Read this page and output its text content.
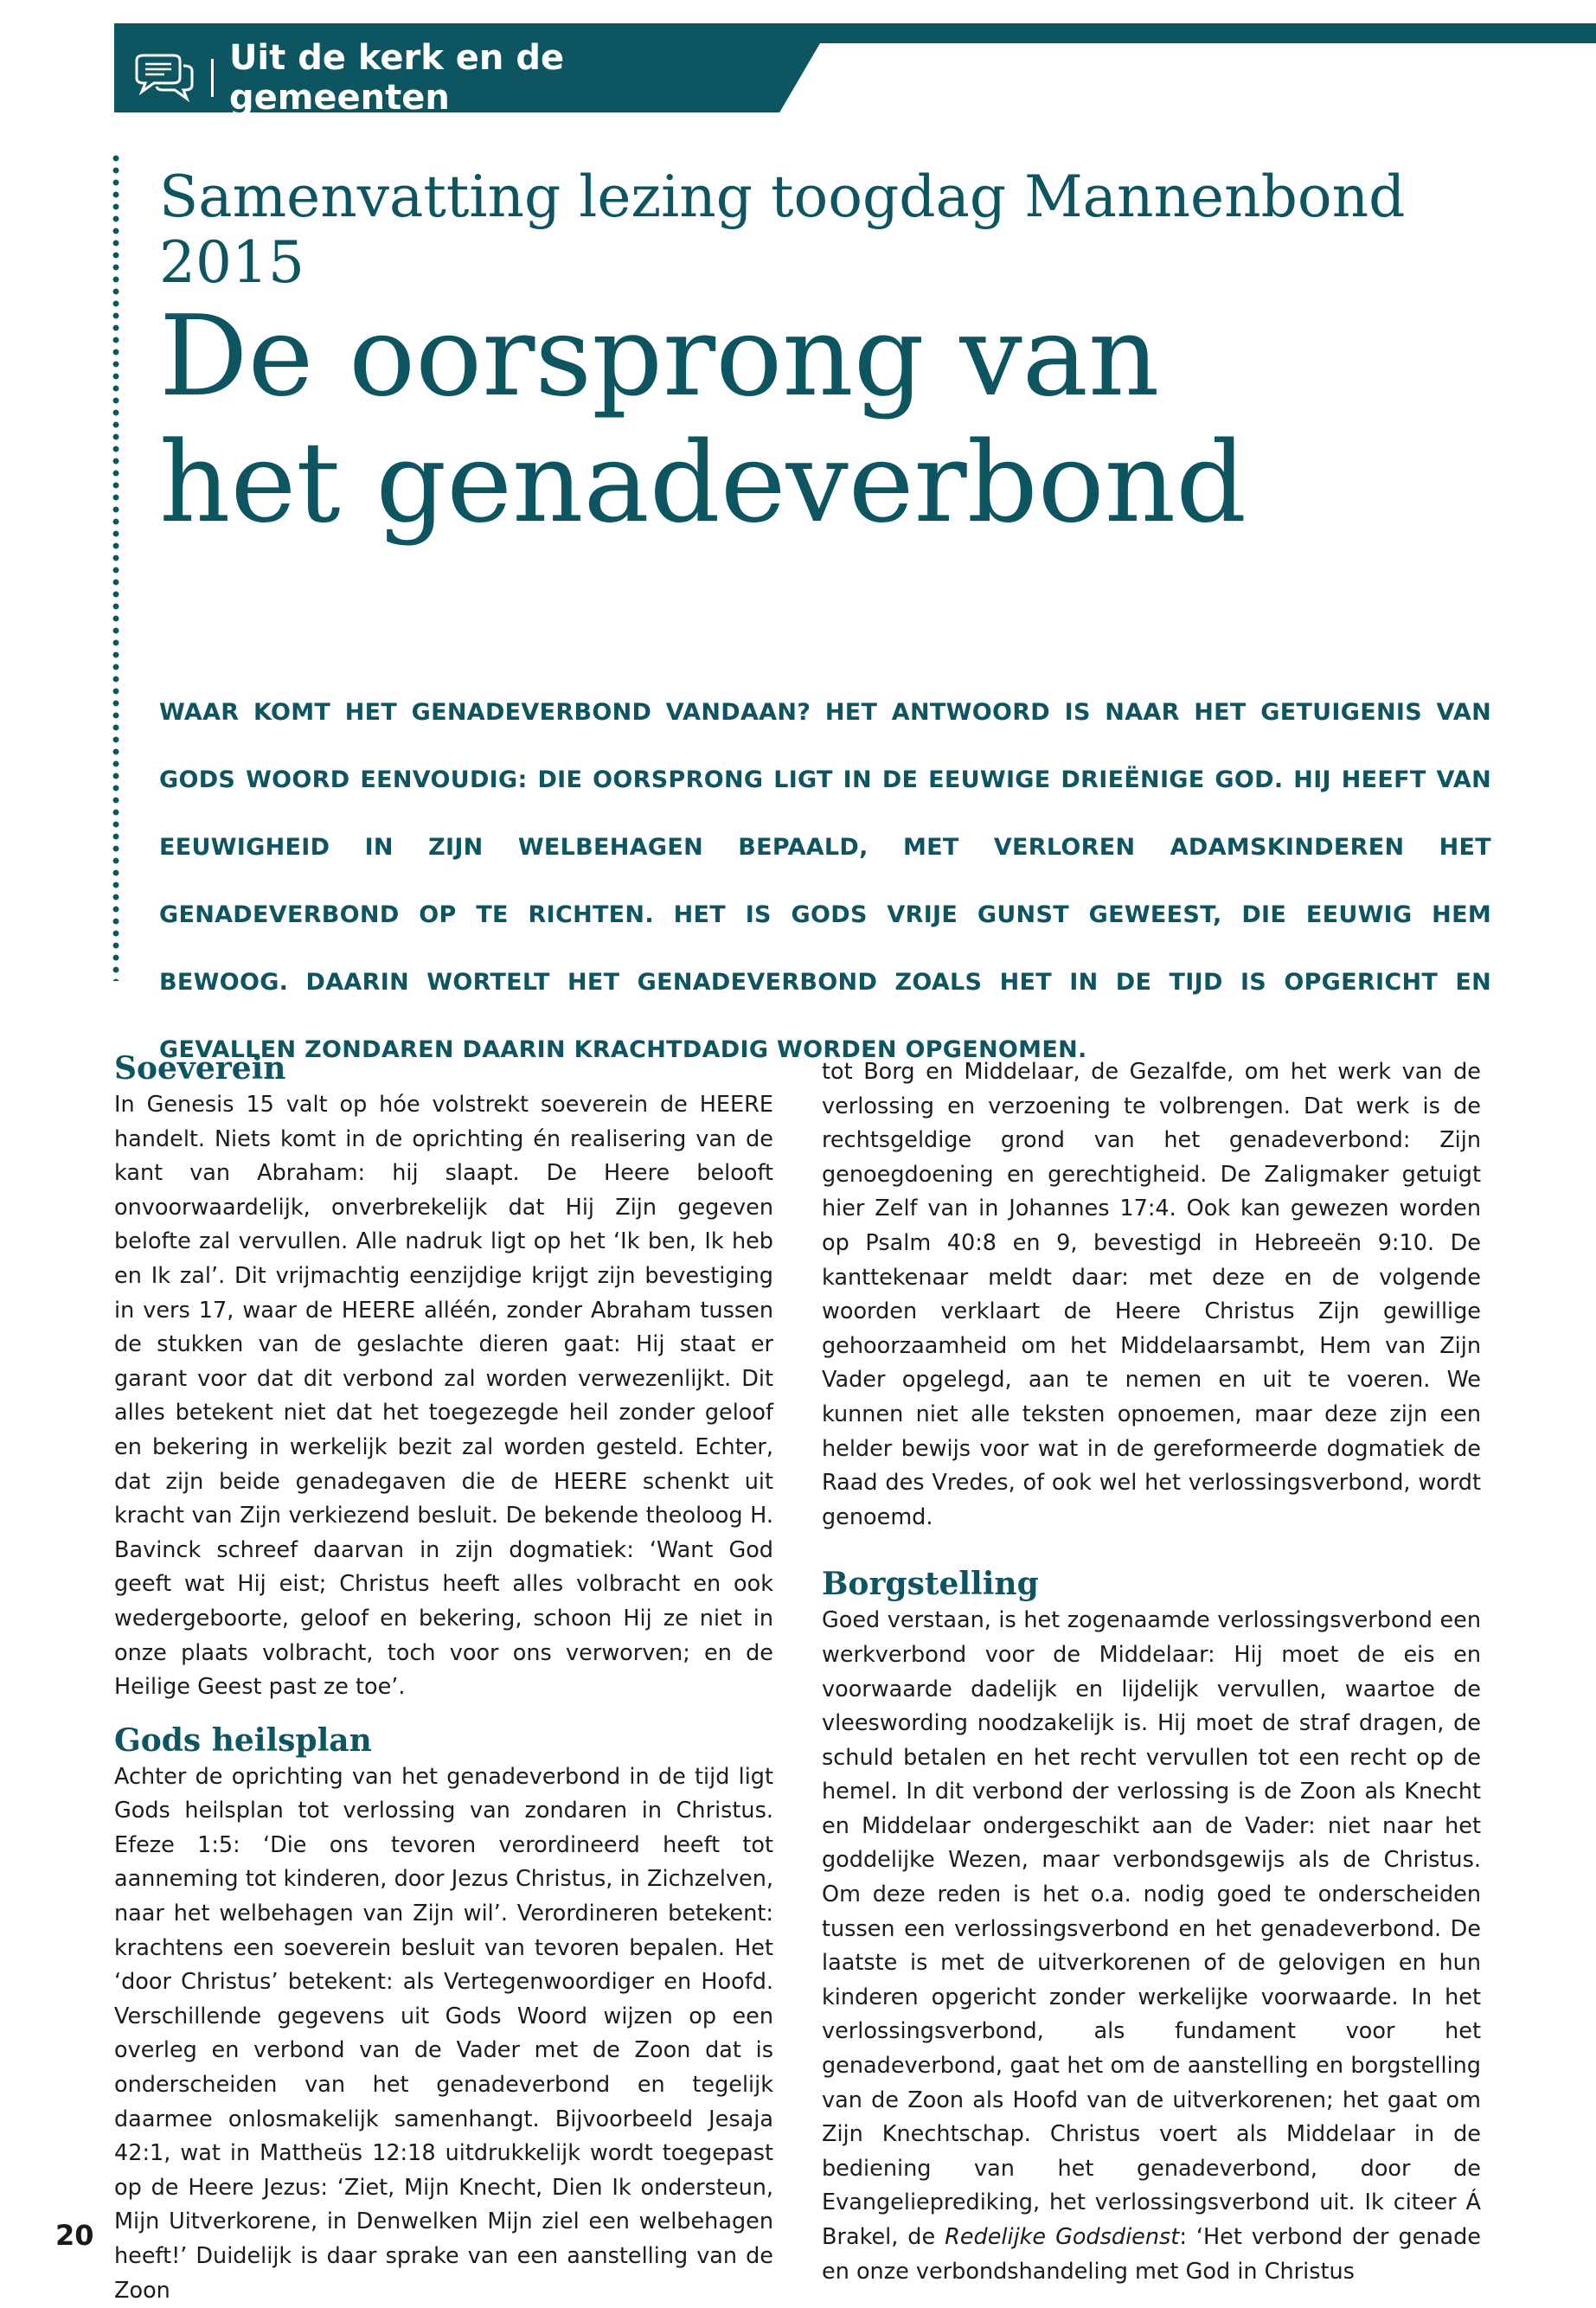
Uit de kerk en de gemeenten
Samenvatting lezing toogdag Mannenbond 2015
De oorsprong van
het genadeverbond
WAAR KOMT HET GENADEVERBOND VANDAAN? HET ANTWOORD IS NAAR HET GETUIGENIS VAN GODS WOORD EENVOUDIG: DIE OORSPRONG LIGT IN DE EEUWIGE DRIEËNIGE GOD. HIJ HEEFT VAN EEUWIGHEID IN ZIJN WELBEHAGEN BEPAALD, MET VERLOREN ADAMSKINDEREN HET GENADEVERBOND OP TE RICHTEN. HET IS GODS VRIJE GUNST GEWEEST, DIE EEUWIG HEM BEWOOG. DAARIN WORTELT HET GENADEVERBOND ZOALS HET IN DE TIJD IS OPGERICHT EN GEVALLEN ZONDAREN DAARIN KRACHTDADIG WORDEN OPGENOMEN.
Soeverein

In Genesis 15 valt op hóe volstrekt soeverein de HEERE handelt. Niets komt in de oprichting én realisering van de kant van Abraham: hij slaapt. De Heere belooft onvoorwaardelijk, onverbrekelijk dat Hij Zijn gegeven belofte zal vervullen. Alle nadruk ligt op het ‘Ik ben, Ik heb en Ik zal’. Dit vrijmachtig eenzijdige krijgt zijn bevestiging in vers 17, waar de HEERE alléén, zonder Abraham tussen de stukken van de geslachte dieren gaat: Hij staat er garant voor dat dit verbond zal worden verwezenlijkt. Dit alles betekent niet dat het toegezegde heil zonder geloof en bekering in werkelijk bezit zal worden gesteld. Echter, dat zijn beide genadegaven die de HEERE schenkt uit kracht van Zijn verkiezend besluit. De bekende theoloog H. Bavinck schreef daarvan in zijn dogmatiek: ‘Want God geeft wat Hij eist; Christus heeft alles volbracht en ook wedergeboorte, geloof en bekering, schoon Hij ze niet in onze plaats volbracht, toch voor ons verworven; en de Heilige Geest past ze toe’.

Gods heilsplan

Achter de oprichting van het genadeverbond in de tijd ligt Gods heilsplan tot verlossing van zondaren in Christus. Efeze 1:5: ‘Die ons tevoren verordineerd heeft tot aanneming tot kinderen, door Jezus Christus, in Zichzelven, naar het welbehagen van Zijn wil’. Verordineren betekent: krachtens een soeverein besluit van tevoren bepalen. Het ‘door Christus’ betekent: als Vertegenwoordiger en Hoofd. Verschillende gegevens uit Gods Woord wijzen op een overleg en verbond van de Vader met de Zoon dat is onderscheiden van het genadeverbond en tegelijk daarmee onlosmakelijk samenhangt. Bijvoorbeeld Jesaja 42:1, wat in Mattheüs 12:18 uitdrukkelijk wordt toegepast op de Heere Jezus: ‘Ziet, Mijn Knecht, Dien Ik ondersteun, Mijn Uitverkorene, in Denwelken Mijn ziel een welbehagen heeft!’ Duidelijk is daar sprake van een aanstelling van de Zoon

tot Borg en Middelaar, de Gezalfde, om het werk van de verlossing en verzoening te volbrengen. Dat werk is de rechtsgeldige grond van het genadeverbond: Zijn genoegdoening en gerechtigheid. De Zaligmaker getuigt hier Zelf van in Johannes 17:4. Ook kan gewezen worden op Psalm 40:8 en 9, bevestigd in Hebreeën 9:10. De kanttekenaar meldt daar: met deze en de volgende woorden verklaart de Heere Christus Zijn gewillige gehoorzaamheid om het Middelaarsambt, Hem van Zijn Vader opgelegd, aan te nemen en uit te voeren. We kunnen niet alle teksten opnoemen, maar deze zijn een helder bewijs voor wat in de gereformeerde dogmatiek de Raad des Vredes, of ook wel het verlossingsverbond, wordt genoemd.

Borgstelling

Goed verstaan, is het zogenaamde verlossingsverbond een werkverbond voor de Middelaar: Hij moet de eis en voorwaarde dadelijk en lijdelijk vervullen, waartoe de vleeswording noodzakelijk is. Hij moet de straf dragen, de schuld betalen en het recht vervullen tot een recht op de hemel. In dit verbond der verlossing is de Zoon als Knecht en Middelaar ondergeschikt aan de Vader: niet naar het goddelijke Wezen, maar verbondsgewijs als de Christus. Om deze reden is het o.a. nodig goed te onderscheiden tussen een verlossingsverbond en het genadeverbond. De laatste is met de uitverkorenen of de gelovigen en hun kinderen opgericht zonder werkelijke voorwaarde. In het verlossingsverbond, als fundament voor het genadeverbond, gaat het om de aanstelling en borgstelling van de Zoon als Hoofd van de uitverkorenen; het gaat om Zijn Knechtschap. Christus voert als Middelaar in de bediening van het genadeverbond, door de Evangelieprediking, het verlossingsverbond uit. Ik citeer Á Brakel, de Redelijke Godsdienst: ‘Het verbond der genade en onze verbondshandeling met God in Christus

20
